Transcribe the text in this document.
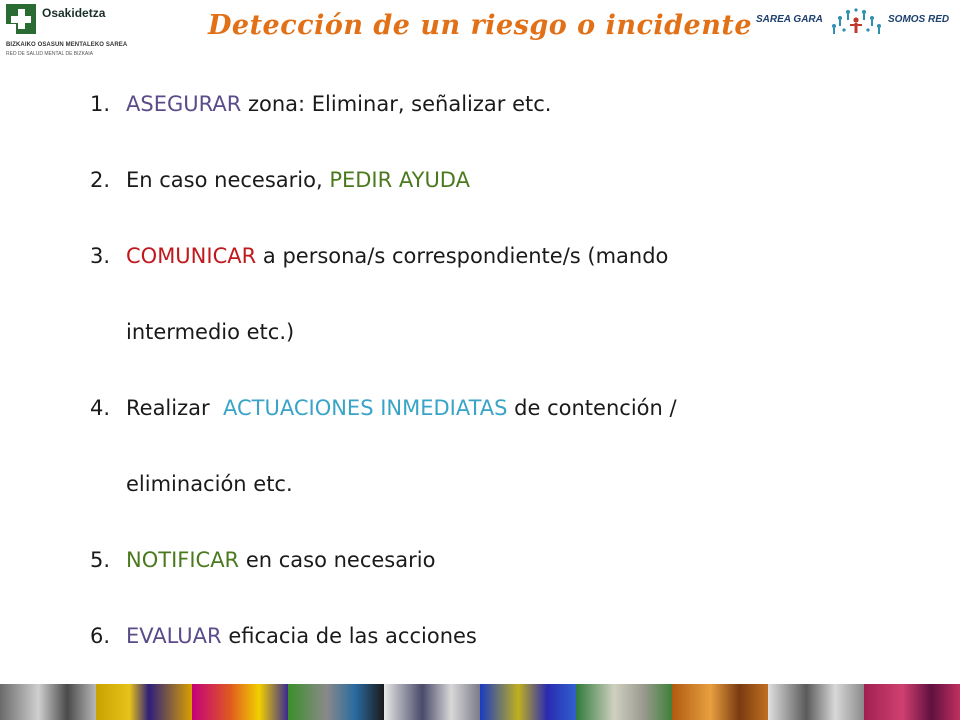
Osakidetza
BIZKAIKO OSASUN MENTALEKO SAREA
RED DE SALUD MENTAL DE BIZKAIA
Detección de un riesgo o incidente SAREA GARA	SOMOS RED
1. ASEGURAR zona: Eliminar, señalizar etc.
2. En caso necesario, PEDIR AYUDA
3. COMUNICAR a persona/s correspondiente/s (mando
intermedio etc.)
4. Realizar  ACTUACIONES INMEDIATAS de contención /
eliminación etc.
5. NOTIFICAR en caso necesario
6. EVALUAR eficacia de las acciones
